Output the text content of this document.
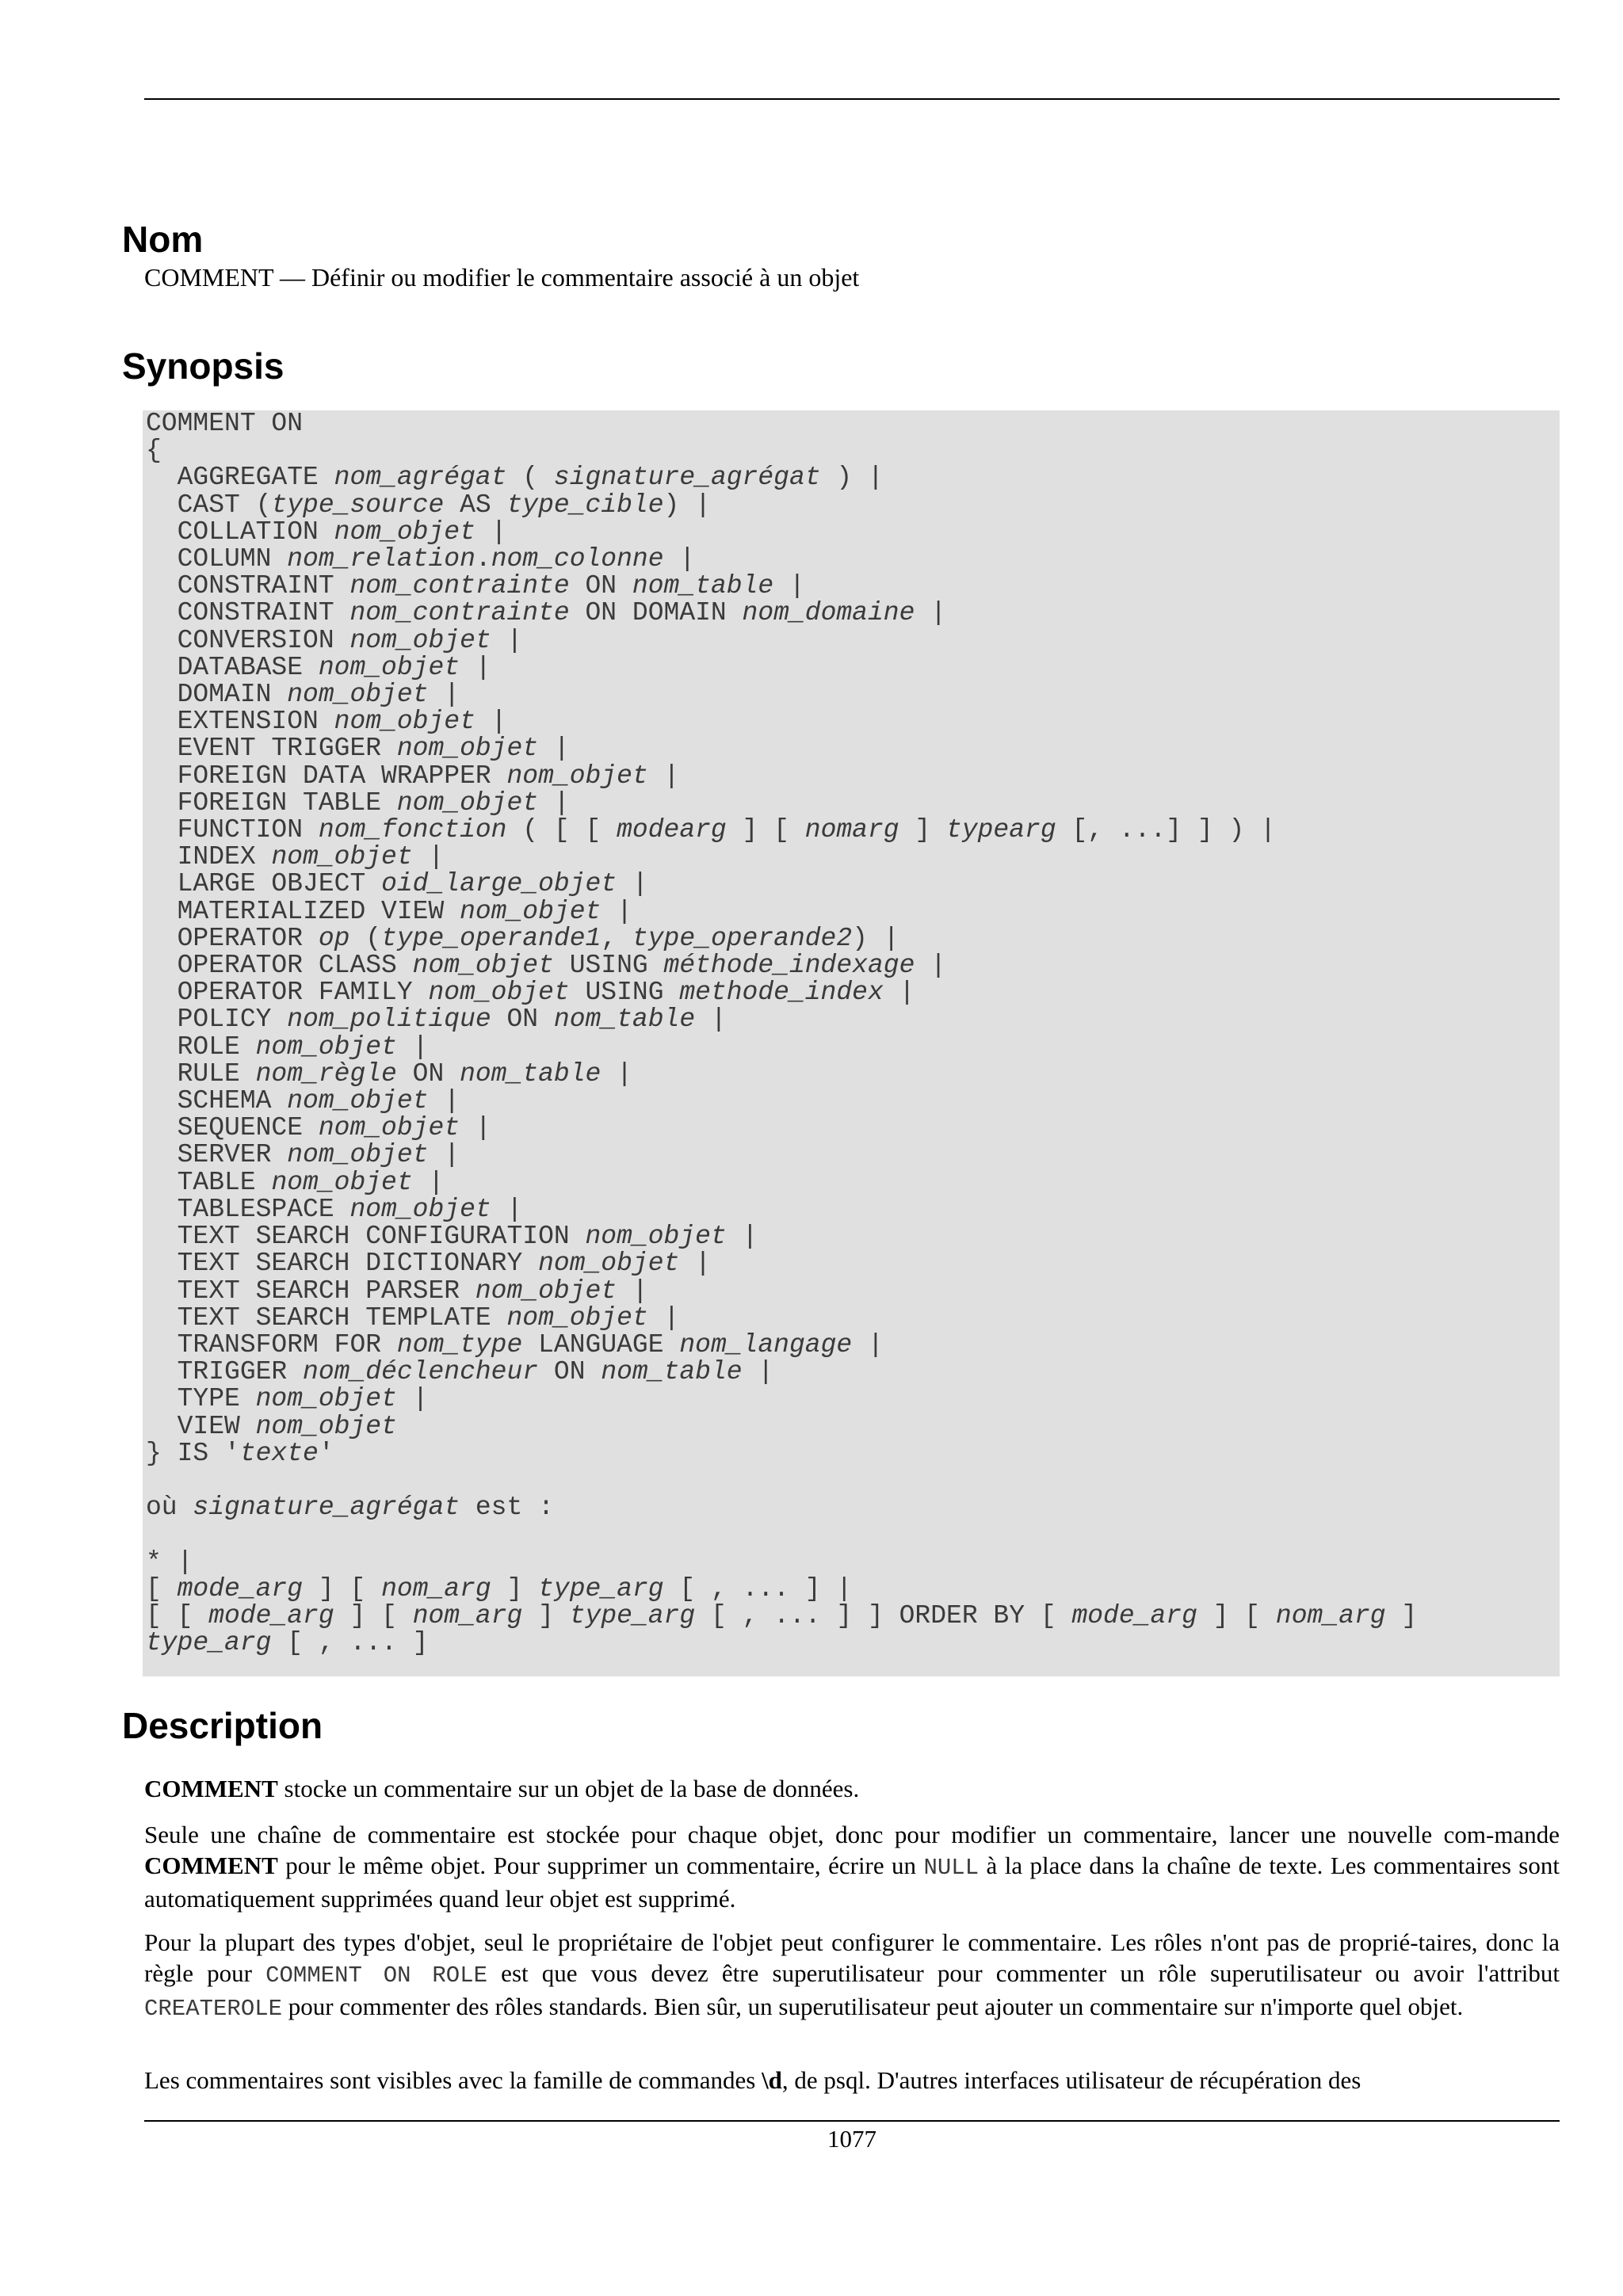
Nom
COMMENT — Définir ou modifier le commentaire associé à un objet
Synopsis
COMMENT ON
{
AGGREGATE nom_agrégat ( signature_agrégat ) |
CAST (type_source AS type_cible) |
COLLATION nom_objet |
COLUMN nom_relation.nom_colonne |
CONSTRAINT nom_contrainte ON nom_table |
CONSTRAINT nom_contrainte ON DOMAIN nom_domaine |
CONVERSION nom_objet |
DATABASE nom_objet |
DOMAIN nom_objet |
EXTENSION nom_objet |
EVENT TRIGGER nom_objet |
FOREIGN DATA WRAPPER nom_objet |
FOREIGN TABLE nom_objet |
FUNCTION nom_fonction ( [ [ modearg ] [ nomarg ] typearg [, ...] ] ) |
INDEX nom_objet |
LARGE OBJECT oid_large_objet |
MATERIALIZED VIEW nom_objet |
OPERATOR op (type_operande1, type_operande2) |
OPERATOR CLASS nom_objet USING méthode_indexage |
OPERATOR FAMILY nom_objet USING methode_index |
POLICY nom_politique ON nom_table |
ROLE nom_objet |
RULE nom_règle ON nom_table |
SCHEMA nom_objet |
SEQUENCE nom_objet |
SERVER nom_objet |
TABLE nom_objet |
TABLESPACE nom_objet |
TEXT SEARCH CONFIGURATION nom_objet |
TEXT SEARCH DICTIONARY nom_objet |
TEXT SEARCH PARSER nom_objet |
TEXT SEARCH TEMPLATE nom_objet |
TRANSFORM FOR nom_type LANGUAGE nom_langage |
TRIGGER nom_déclencheur ON nom_table |
TYPE nom_objet |
VIEW nom_objet
} IS 'texte'

où signature_agrégat est :

* |
[ mode_arg ] [ nom_arg ] type_arg [ , ... ] |
[ [ mode_arg ] [ nom_arg ] type_arg [ , ... ] ] ORDER BY [ mode_arg ] [ nom_arg ]
type_arg [ , ... ]
Description

COMMENT stocke un commentaire sur un objet de la base de données.

Seule une chaîne de commentaire est stockée pour chaque objet, donc pour modifier un commentaire, lancer une nouvelle com-mande COMMENT pour le même objet. Pour supprimer un commentaire, écrire un NULL à la place dans la chaîne de texte. Les commentaires sont automatiquement supprimées quand leur objet est supprimé.

Pour la plupart des types d'objet, seul le propriétaire de l'objet peut configurer le commentaire. Les rôles n'ont pas de proprié-taires, donc la règle pour COMMENT ON ROLE est que vous devez être superutilisateur pour commenter un rôle superutilisateur ou avoir l'attribut CREATEROLE pour commenter des rôles standards. Bien sûr, un superutilisateur peut ajouter un commentaire sur n'importe quel objet.

Les commentaires sont visibles avec la famille de commandes \d, de psql. D'autres interfaces utilisateur de récupération des

1077
